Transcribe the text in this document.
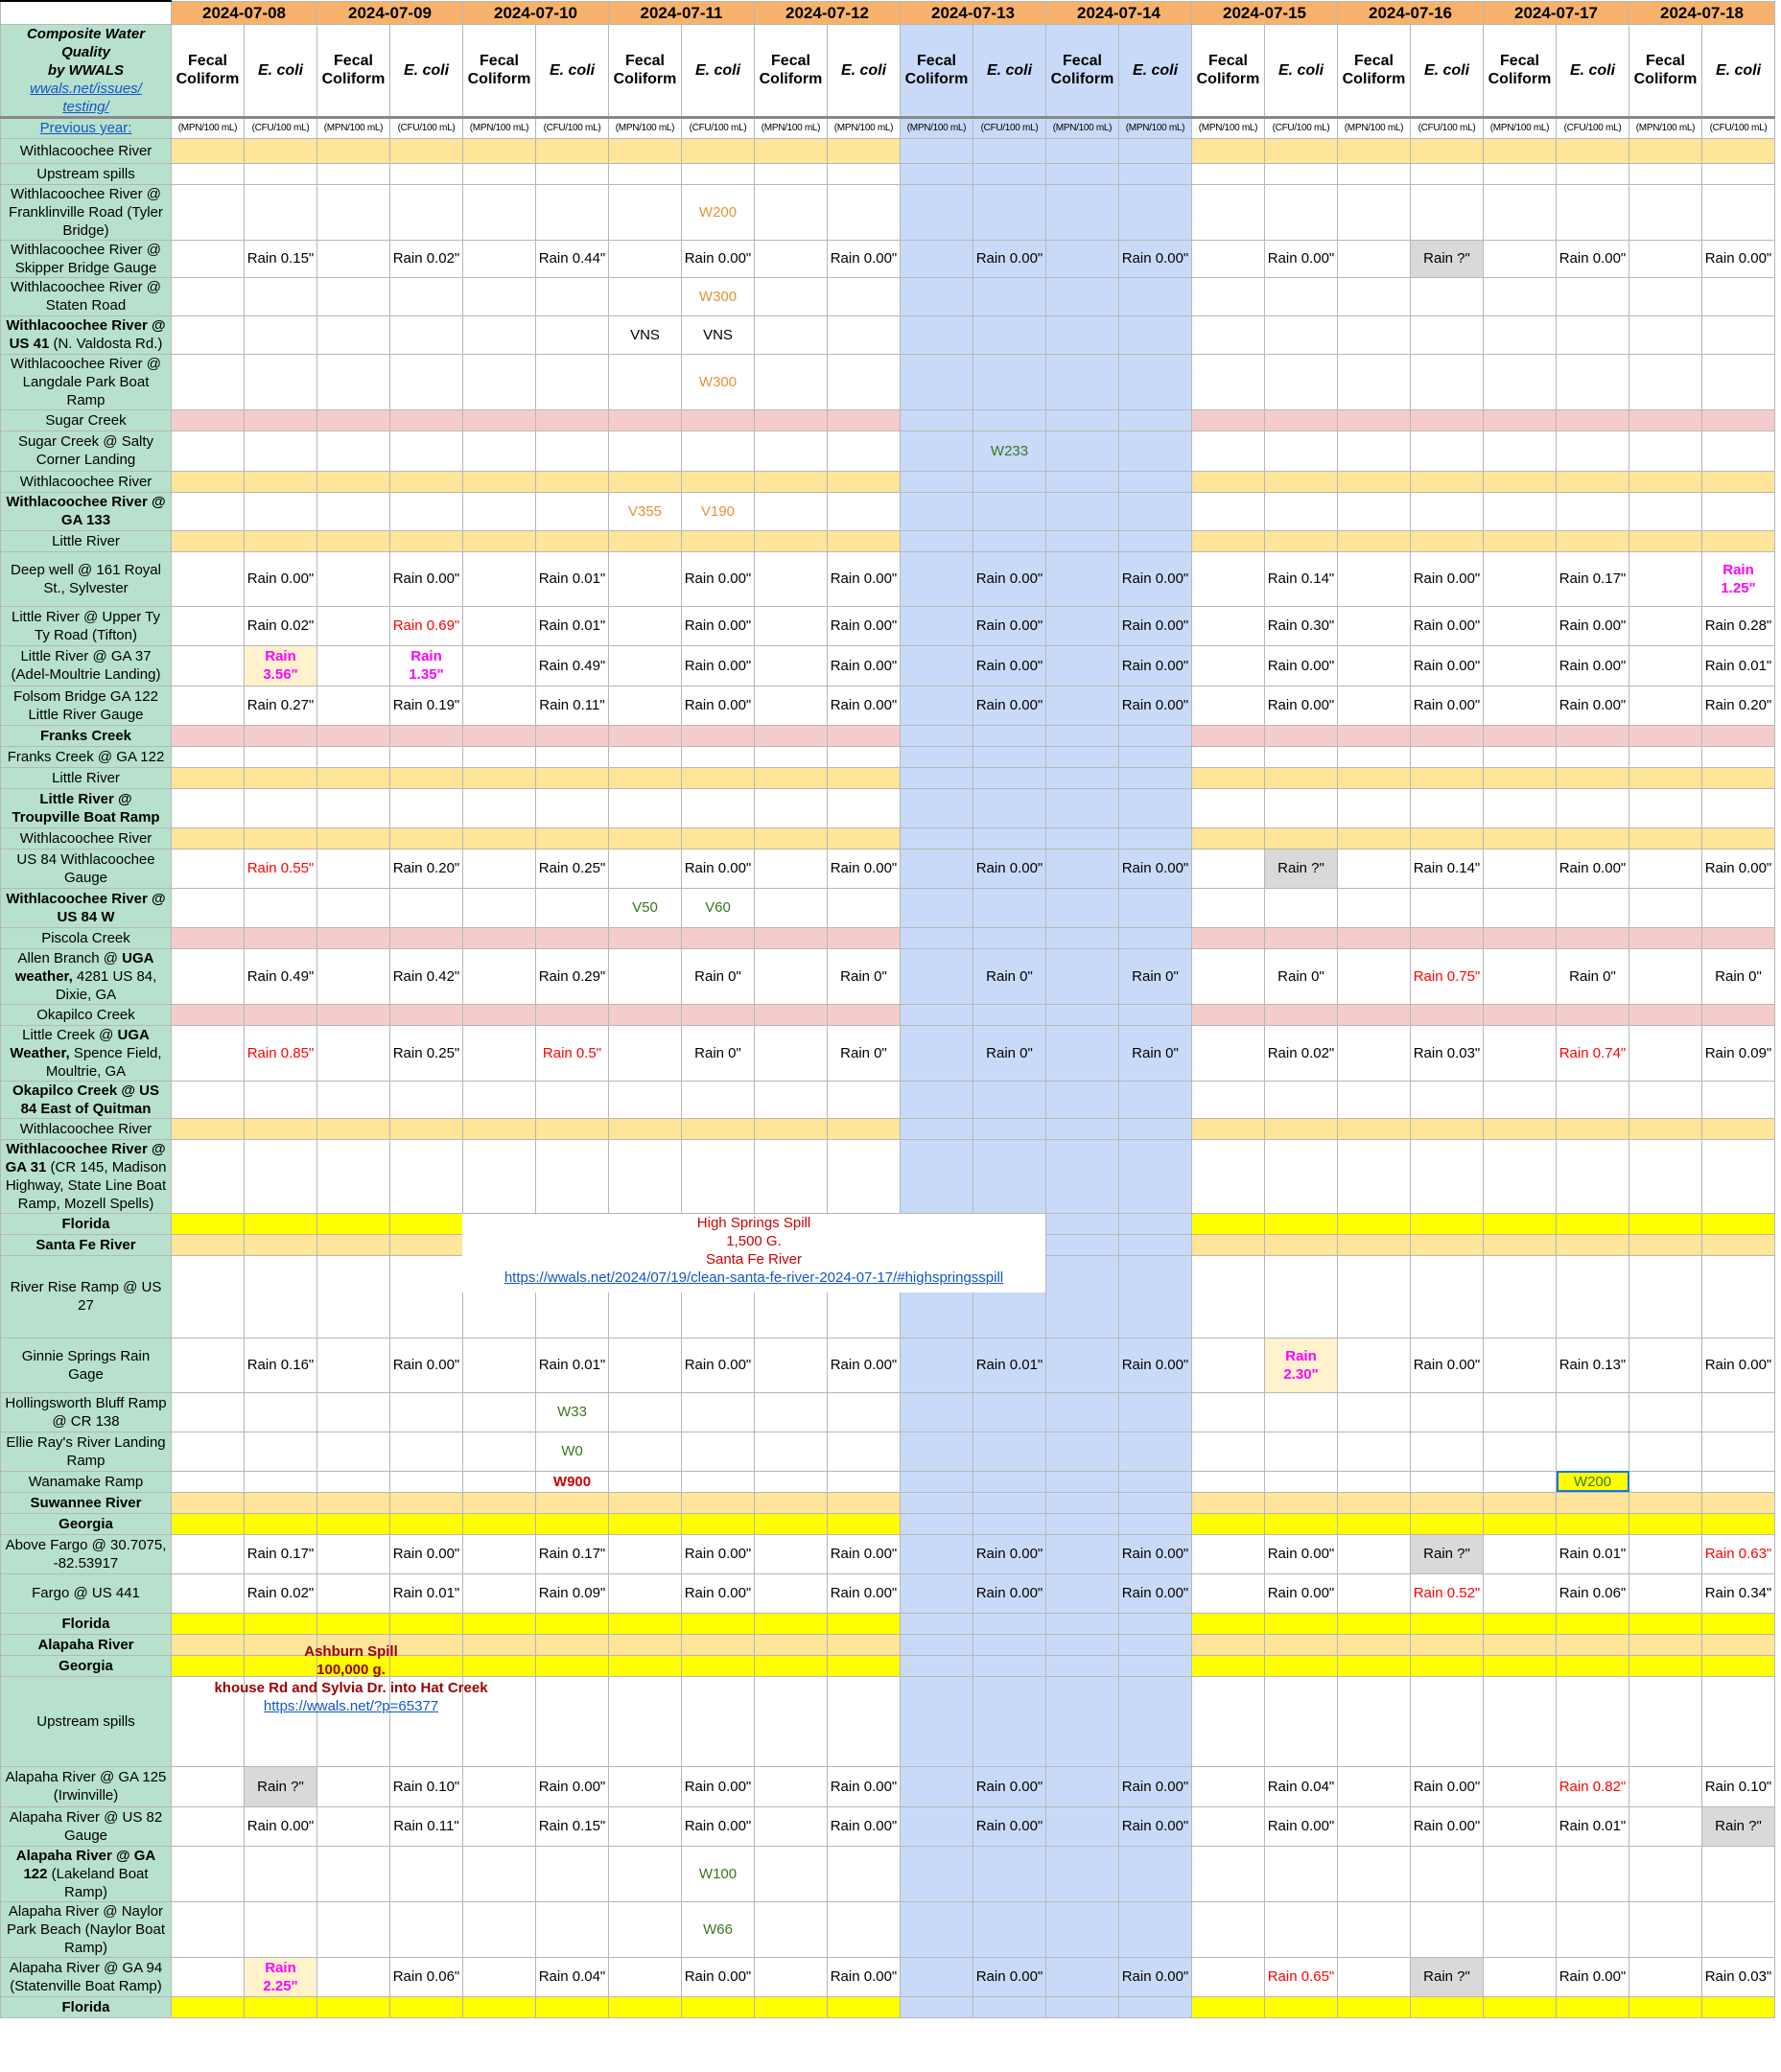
	2024-07-08		2024-07-09		2024-07-10		2024-07-11		2024-07-12		2024-07-13		2024-07-14		2024-07-15		2024-07-16		2024-07-17		2024-07-18	
Composite Water Quality
by WWALS
wwals.net/issues/ testing/	Fecal Coliform	E. coli	Fecal Coliform	E. coli	Fecal Coliform	E. coli	Fecal Coliform	E. coli	Fecal Coliform	E. coli	Fecal Coliform	E. coli	Fecal Coliform	E. coli	Fecal Coliform	E. coli	Fecal Coliform	E. coli	Fecal Coliform	E. coli	Fecal Coliform	E. coli
Previous year:	(MPN/100 mL)	(CFU/100 mL)	(MPN/100 mL)	(CFU/100 mL)	(MPN/100 mL)	(CFU/100 mL)	(MPN/100 mL)	(CFU/100 mL)	(MPN/100 mL)	(MPN/100 mL)	(MPN/100 mL)	(CFU/100 mL)	(MPN/100 mL)	(MPN/100 mL)	(MPN/100 mL)	(CFU/100 mL)	(MPN/100 mL)	(CFU/100 mL)	(MPN/100 mL)	(CFU/100 mL)	(MPN/100 mL)	(CFU/100 mL)
Withlacoochee River																						
Upstream spills																						
Withlacoochee River @ Franklinville Road (Tyler Bridge)								W200														
Withlacoochee River @ Skipper Bridge Gauge		Rain 0.15"		Rain 0.02"		Rain 0.44"		Rain 0.00"		Rain 0.00"		Rain 0.00"		Rain 0.00"		Rain 0.00"		Rain ?"		Rain 0.00"		Rain 0.00"
Withlacoochee River @ Staten Road								W300														
Withlacoochee River @ US 41 (N. Valdosta Rd.)							VNS	VNS														
Withlacoochee River @ Langdale Park Boat Ramp								W300														
Sugar Creek																						
Sugar Creek @ Salty Corner Landing												W233										
Withlacoochee River																						
Withlacoochee River @ GA 133							V355	V190														
Little River																						
Deep well @ 161 Royal St., Sylvester		Rain 0.00"		Rain 0.00"		Rain 0.01"		Rain 0.00"		Rain 0.00"		Rain 0.00"		Rain 0.00"		Rain 0.14"		Rain 0.00"		Rain 0.17"		Rain 1.25"
Little River @ Upper Ty Ty Road (Tifton)		Rain 0.02"		Rain 0.69"		Rain 0.01"		Rain 0.00"		Rain 0.00"		Rain 0.00"		Rain 0.00"		Rain 0.30"		Rain 0.00"		Rain 0.00"		Rain 0.28"
Little River @ GA 37 (Adel-Moultrie Landing)		Rain 3.56"		Rain 1.35"		Rain 0.49"		Rain 0.00"		Rain 0.00"		Rain 0.00"		Rain 0.00"		Rain 0.00"		Rain 0.00"		Rain 0.00"		Rain 0.01"
Folsom Bridge GA 122 Little River Gauge		Rain 0.27"		Rain 0.19"		Rain 0.11"		Rain 0.00"		Rain 0.00"		Rain 0.00"		Rain 0.00"		Rain 0.00"		Rain 0.00"		Rain 0.00"		Rain 0.20"
Franks Creek																						
Franks Creek @ GA 122																						
Little River																						
Little River @ Troupville Boat Ramp																						
Withlacoochee River																						
US 84 Withlacoochee Gauge		Rain 0.55"		Rain 0.20"		Rain 0.25"		Rain 0.00"		Rain 0.00"		Rain 0.00"		Rain 0.00"		Rain ?"		Rain 0.14"		Rain 0.00"		Rain 0.00"
Withlacoochee River @ US 84 W							V50	V60														
Piscola Creek																						
Allen Branch @ UGA weather, 4281 US 84, Dixie, GA		Rain 0.49"		Rain 0.42"		Rain 0.29"		Rain 0"		Rain 0"		Rain 0"		Rain 0"		Rain 0"		Rain 0.75"		Rain 0"		Rain 0"
Okapilco Creek																						
Little Creek @ UGA Weather, Spence Field, Moultrie, GA		Rain 0.85"		Rain 0.25"		Rain 0.5"		Rain 0"		Rain 0"		Rain 0"		Rain 0"		Rain 0.02"		Rain 0.03"		Rain 0.74"		Rain 0.09"
Okapilco Creek @ US 84 East of Quitman																						
Withlacoochee River																						
Withlacoochee River @ GA 31 (CR 145, Madison Highway, State Line Boat Ramp, Mozell Spells)																						
Florida																						
Santa Fe River																						
River Rise Ramp @ US 27																						
Ginnie Springs Rain Gage		Rain 0.16"		Rain 0.00"		Rain 0.01"		Rain 0.00"		Rain 0.00"		Rain 0.01"		Rain 0.00"		Rain 2.30"		Rain 0.00"		Rain 0.13"		Rain 0.00"
Hollingsworth Bluff Ramp @ CR 138						W33																
Ellie Ray's River Landing Ramp						W0																
Wanamake Ramp						W900														W200		
Suwannee River																						
Georgia																						
Above Fargo @ 30.7075, -82.53917		Rain 0.17"		Rain 0.00"		Rain 0.17"		Rain 0.00"		Rain 0.00"		Rain 0.00"		Rain 0.00"		Rain 0.00"		Rain ?"		Rain 0.01"		Rain 0.63"
Fargo @ US 441		Rain 0.02"		Rain 0.01"		Rain 0.09"		Rain 0.00"		Rain 0.00"		Rain 0.00"		Rain 0.00"		Rain 0.00"		Rain 0.52"		Rain 0.06"		Rain 0.34"
Florida																						
Alapaha River																						
Georgia																						
Upstream spills																						
Alapaha River @ GA 125 (Irwinville)		Rain ?"		Rain 0.10"		Rain 0.00"		Rain 0.00"		Rain 0.00"		Rain 0.00"		Rain 0.00"		Rain 0.04"		Rain 0.00"		Rain 0.82"		Rain 0.10"
Alapaha River @ US 82 Gauge		Rain 0.00"		Rain 0.11"		Rain 0.15"		Rain 0.00"		Rain 0.00"		Rain 0.00"		Rain 0.00"		Rain 0.00"		Rain 0.00"		Rain 0.01"		Rain ?"
Alapaha River @ GA 122 (Lakeland Boat Ramp)								W100														
Alapaha River @ Naylor Park Beach (Naylor Boat Ramp)								W66														
Alapaha River @ GA 94 (Statenville Boat Ramp)		Rain 2.25"		Rain 0.06"		Rain 0.04"		Rain 0.00"		Rain 0.00"		Rain 0.00"		Rain 0.00"		Rain 0.65"		Rain ?"		Rain 0.00"		Rain 0.03"
Florida																						
High Springs Spill
1,500 G.
Santa Fe River
https://wwals.net/2024/07/19/clean-santa-fe-river-2024-07-17/#highspringsspill
Ashburn Spill
100,000 g.
khouse Rd and Sylvia Dr. into Hat Creek
https://wwals.net/?p=65377
